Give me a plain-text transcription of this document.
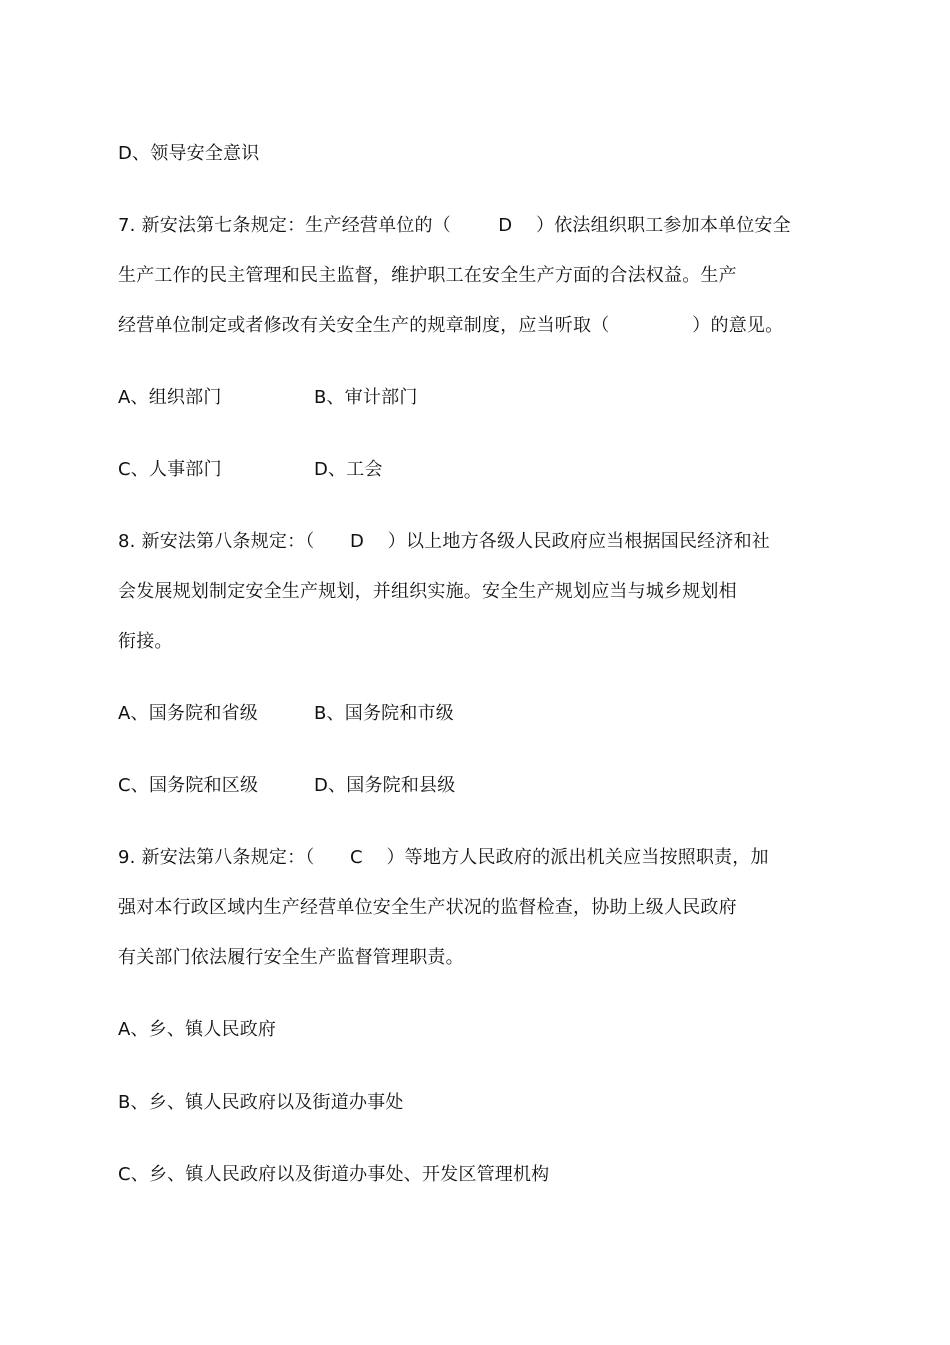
D、领导安全意识
7. 新安法第七条规定：生产经营单位的（        D    ）依法组织职工参加本单位安全
生产工作的民主管理和民主监督，维护职工在安全生产方面的合法权益。生产
经营单位制定或者修改有关安全生产的规章制度，应当听取（              ）的意见。
A、组织部门	B、审计部门
C、人事部门	D、工会
8. 新安法第八条规定：（      D    ）以上地方各级人民政府应当根据国民经济和社
会发展规划制定安全生产规划，并组织实施。安全生产规划应当与城乡规划相
衔接。
A、国务院和省级	B、国务院和市级
C、国务院和区级	D、国务院和县级
9. 新安法第八条规定：（      C    ）等地方人民政府的派出机关应当按照职责，加
强对本行政区域内生产经营单位安全生产状况的监督检查，协助上级人民政府
有关部门依法履行安全生产监督管理职责。
A、乡、镇人民政府
B、乡、镇人民政府以及街道办事处
C、乡、镇人民政府以及街道办事处、开发区管理机构
